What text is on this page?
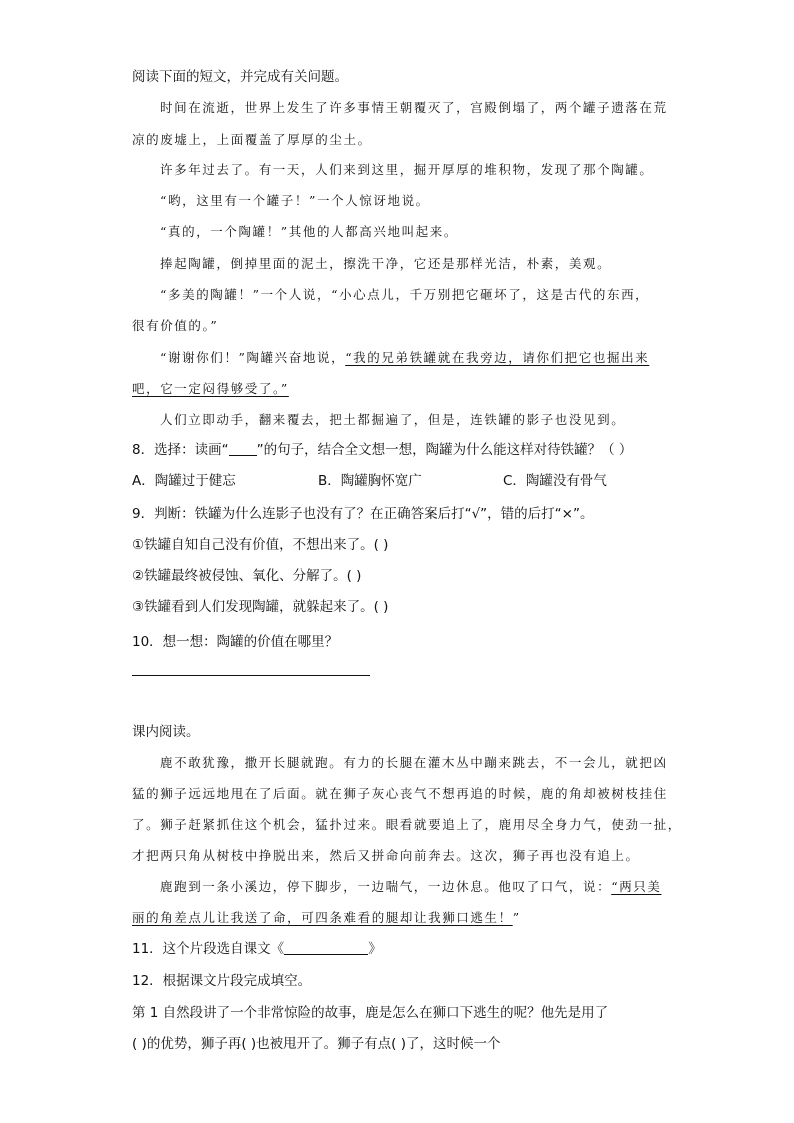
阅读下面的短文，并完成有关问题。
时间在流逝，世界上发生了许多事情王朝覆灭了，宫殿倒塌了，两个罐子遗落在荒
凉的废墟上，上面覆盖了厚厚的尘土。
许多年过去了。有一天，人们来到这里，掘开厚厚的堆积物，发现了那个陶罐。
“哟，这里有一个罐子！”一个人惊讶地说。
“真的，一个陶罐！”其他的人都高兴地叫起来。
捧起陶罐，倒掉里面的泥土，擦洗干净，它还是那样光洁，朴素，美观。
“多美的陶罐！”一个人说，“小心点儿，千万别把它砸坏了，这是古代的东西，
很有价值的。”
“谢谢你们！”陶罐兴奋地说，“我的兄弟铁罐就在我旁边，请你们把它也掘出来
吧，它一定闷得够受了。”
人们立即动手，翻来覆去，把土都掘遍了，但是，连铁罐的影子也没见到。
8．选择：读画“ ”的句子，结合全文想一想，陶罐为什么能这样对待铁罐？（ ）
A．陶罐过于健忘	B．陶罐胸怀宽广	C．陶罐没有骨气
9．判断：铁罐为什么连影子也没有了？在正确答案后打“√”，错的后打“×”。
①铁罐自知自己没有价值，不想出来了。( )
②铁罐最终被侵蚀、氧化、分解了。( )
③铁罐看到人们发现陶罐，就躲起来了。( )
10．想一想：陶罐的价值在哪里？
课内阅读。
鹿不敢犹豫，撒开长腿就跑。有力的长腿在灌木丛中蹦来跳去，不一会儿，就把凶
猛的狮子远远地甩在了后面。就在狮子灰心丧气不想再追的时候，鹿的角却被树枝挂住
了。狮子赶紧抓住这个机会，猛扑过来。眼看就要追上了，鹿用尽全身力气，使劲一扯，
才把两只角从树枝中挣脱出来，然后又拼命向前奔去。这次，狮子再也没有追上。
鹿跑到一条小溪边，停下脚步，一边喘气，一边休息。他叹了口气，说：“两只美
丽的角差点儿让我送了命，可四条难看的腿却让我狮口逃生！”
11．这个片段选自课文《	》
12．根据课文片段完成填空。
第 1 自然段讲了一个非常惊险的故事，鹿是怎么在狮口下逃生的呢？他先是用了
( )的优势，狮子再( )也被甩开了。狮子有点( )了，这时候一个
